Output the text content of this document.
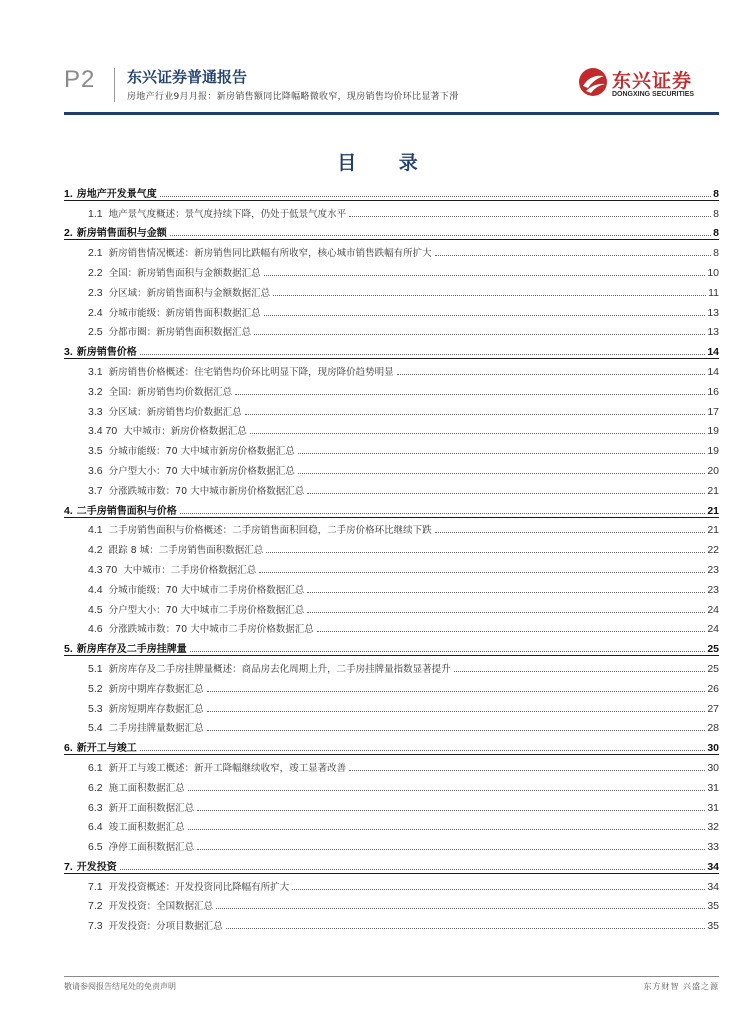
P2 东兴证券普通报告
房地产行业9月月报：新房销售额同比降幅略微收窄，现房销售均价环比显著下滑
东兴证券
DONGXING SECURITIES
目 录
1. 房地产开发景气度	8
1.1 地产景气度概述：景气度持续下降，仍处于低景气度水平	8
2. 新房销售面积与金额	8
2.1 新房销售情况概述：新房销售同比跌幅有所收窄，核心城市销售跌幅有所扩大	8
2.2 全国：新房销售面积与金额数据汇总	10
2.3 分区域：新房销售面积与金额数据汇总	11
2.4 分城市能级：新房销售面积数据汇总	13
2.5 分都市圈：新房销售面积数据汇总	13
3. 新房销售价格	14
3.1 新房销售价格概述：住宅销售均价环比明显下降，现房降价趋势明显	14
3.2 全国：新房销售均价数据汇总	16
3.3 分区域：新房销售均价数据汇总	17
3.4 70 大中城市：新房价格数据汇总	19
3.5 分城市能级：70 大中城市新房价格数据汇总	19
3.6 分户型大小：70 大中城市新房价格数据汇总	20
3.7 分涨跌城市数：70 大中城市新房价格数据汇总	21
4. 二手房销售面积与价格	21
4.1 二手房销售面积与价格概述：二手房销售面积回稳，二手房价格环比继续下跌	21
4.2 跟踪 8 城：二手房销售面积数据汇总	22
4.3 70 大中城市：二手房价格数据汇总	23
4.4 分城市能级：70 大中城市二手房价格数据汇总	23
4.5 分户型大小：70 大中城市二手房价格数据汇总	24
4.6 分涨跌城市数：70 大中城市二手房价格数据汇总	24
5. 新房库存及二手房挂牌量	25
5.1 新房库存及二手房挂牌量概述：商品房去化周期上升，二手房挂牌量指数显著提升	25
5.2 新房中期库存数据汇总	26
5.3 新房短期库存数据汇总	27
5.4 二手房挂牌量数据汇总	28
6. 新开工与竣工	30
6.1 新开工与竣工概述：新开工降幅继续收窄，竣工显著改善	30
6.2 施工面积数据汇总	31
6.3 新开工面积数据汇总	31
6.4 竣工面积数据汇总	32
6.5 净停工面积数据汇总	33
7. 开发投资	34
7.1 开发投资概述：开发投资同比降幅有所扩大	34
7.2 开发投资：全国数据汇总	35
7.3 开发投资：分项目数据汇总	35
敬请参阅报告结尾处的免责声明	东方财智 兴盛之源
